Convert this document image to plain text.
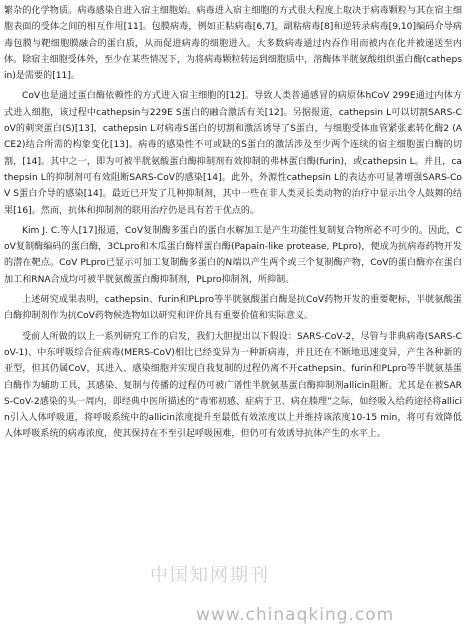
繁杂的化学物质。病毒感染自进入宿主细胞始。病毒进入宿主细胞的方式很大程度上取决于病毒颗粒与其在宿主细胞表面的受体之间的相互作用[11]。包膜病毒，例如正粘病毒[6,7]，副粘病毒[8]和逆转录病毒[9,10]编码介导病毒包膜与靶细胞膜融合的蛋白质，从而促进病毒的细胞进入。大多数病毒通过内吞作用而被内在化并被递送至内体。除宿主细胞受体外，至少在某些情况下，为将病毒颗粒转运到细胞质中，溶酶体半胱氨酸组织蛋白酶(cathepsin)是需要的[11]。

CoV也是通过蛋白酶依赖性的方式进入宿主细胞的[12]。导致人类普通感冒的病原体hCoV 299E通过内体方式进入细胞，该过程中cathepsin与229E S蛋白的融合激活有关[12]。另据报道，cathepsin L可以切割SARS-CoV的刺突蛋白(S)[13]，cathepsin L对病毒S蛋白的切割和激活诱导了S蛋白，与细胞受体血管紧张素转化酶2 (ACE2)结合所需的构象变化[13]。病毒的感染性不可或缺的S蛋白的激活涉及至少两个连续的宿主细胞蛋白酶的切割，[14]。其中之一，即为可被半胱氨酸蛋白酶抑制剂有效抑制的弗林蛋白酶(furin)，或cathepsin L。并且，cathepsin L的抑制剂可有效阻断SARS-CoV的感染[14]。此外，外源性cathepsin L的表达亦可显著增强SARS-CoV S蛋白介导的感染[14]。最近已开发了几种抑制剂，其中一些在非人类灵长类动物的治疗中显示出令人鼓舞的结果[16]。然而，抗体和抑制剂的联用治疗仍是具有若干优点的。

Kim J. C.等人[17]报道，CoV复制酶多蛋白的蛋白水解加工是产生功能性复制复合物所必不可少的。因此，CoV复制酶编码的蛋白酶，3CLpro和木瓜蛋白酶样蛋白酶(Papain-like protease, PLpro)，便成为抗病毒药物开发的潜在靶点。CoV PLpro已显示可加工复制酶多蛋白的N端以产生两个或三个复制酶产物，CoV的蛋白酶亦在蛋白加工和RNA合成均可被半胱氨酸蛋白酶抑制剂，PLpro抑制剂，所抑制。

上述研究成果表明，cathepsin、furin和PLpro等半胱氨酸蛋白酶是抗CoV药物开发的重要靶标，半胱氨酸蛋白酶抑制剂作为抗CoV药物候选物如以研究和评价具有重要价值和实际意义。

受前人所做的以上一系列研究工作的启发，我们大胆提出以下假设：SARS-CoV-2，尽管与非典病毒(SARS-CoV-1)、中东呼吸综合征病毒(MERS-CoV)相比已经变异为一种新病毒，并且还在不断地迅速变异，产生各种新的亚型，但其仍属CoV，其进入、感染细胞并实现自我复制的过程仍离不开cathepsin、furin和PLpro等半胱氨基蛋白酶作为辅助工具，其感染、复制与传播的过程仍可被广谱性半胱氨基蛋白酶抑制剂allicin阻断。尤其是在被SARS-CoV-2感染的头一周内，即经典中医所描述的“毒邪初感、症病于卫、病在腠理”之际，如经吸入给药途径将allicin引入人体呼吸道，将呼吸系统中的allicin浓度提升至最低有效浓度以上并维持该浓度10-15 min，将可有效降低人体呼吸系统的病毒浓度，使其保持在不至引起呼吸困难，但仍可有效诱导抗体产生的水平上。

中国知网期刊
www.chinaqking.com
